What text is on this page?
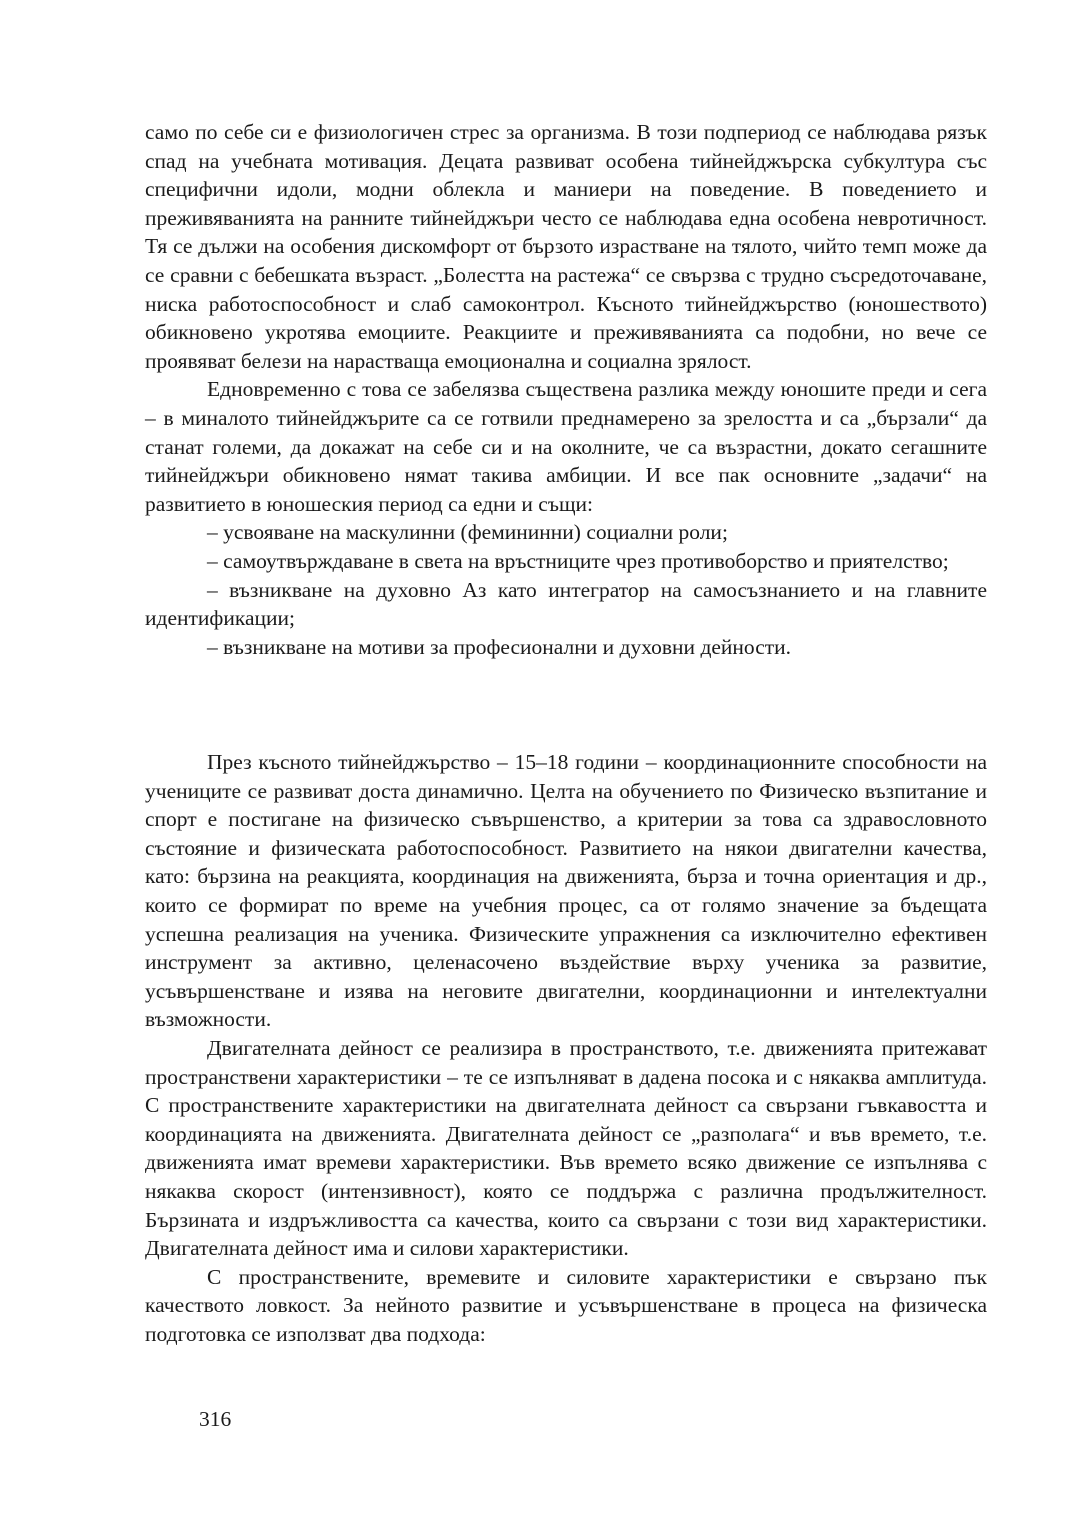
само по себе си е физиологичен стрес за организма. В този подпериод се наблюдава рязък спад на учебната мотивация. Децата развиват особена тийнейджърска субкултура със специфични идоли, модни облекла и маниери на поведение. В поведението и преживяванията на ранните тийнейджъри често се наблюдава една особена невротичност. Тя се дължи на особения дискомфорт от бързото израстване на тялото, чийто темп може да се сравни с бебешката възраст. „Болестта на растежа“ се свързва с трудно съсредоточаване, ниска работоспособност и слаб самоконтрол. Късното тийнейджърство (юношеството) обикновено укротява емоциите. Реакциите и преживяванията са подобни, но вече се проявяват белези на нарастваща емоционална и социална зрялост.

Едновременно с това се забелязва съществена разлика между юношите преди и сега – в миналото тийнейджърите са се готвили преднамерено за зрелостта и са „бързали“ да станат големи, да докажат на себе си и на околните, че са възрастни, докато сегашните тийнейджъри обикновено нямат такива амбиции. И все пак основните „задачи“ на развитието в юношеския период са едни и същи:

– усвояване на маскулинни (фемининни) социални роли;

– самоутвърждаване в света на връстниците чрез противоборство и приятелство;

– възникване на духовно Аз като интегратор на самосъзнанието и на главните идентификации;

– възникване на мотиви за професионални и духовни дейности.

През късното тийнейджърство – 15–18 години – координационните способности на учениците се развиват доста динамично. Целта на обучението по Физическо възпитание и спорт е постигане на физическо съвършенство, а критерии за това са здравословното състояние и физическата работоспособност. Развитието на някои двигателни качества, като: бързина на реакцията, координация на движенията, бърза и точна ориентация и др., които се формират по време на учебния процес, са от голямо значение за бъдещата успешна реализация на ученика. Физическите упражнения са изключително ефективен инструмент за активно, целенасочено въздействие върху ученика за развитие, усъвършенстване и изява на неговите двигателни, координационни и интелектуални възможности.

Двигателната дейност се реализира в пространството, т.е. движенията притежават пространствени характеристики – те се изпълняват в дадена посока и с някаква амплитуда. С пространствените характеристики на двигателната дейност са свързани гъвкавостта и координацията на движенията. Двигателната дейност се „разполага“ и във времето, т.е. движенията имат времеви характеристики. Във времето всяко движение се изпълнява с някаква скорост (интензивност), която се поддържа с различна продължителност. Бързината и издръжливостта са качества, които са свързани с този вид характеристики. Двигателната дейност има и силови характеристики.

С пространствените, времевите и силовите характеристики е свързано пък качеството ловкост. За нейното развитие и усъвършенстване в процеса на физическа подготовка се използват два подхода:

316
